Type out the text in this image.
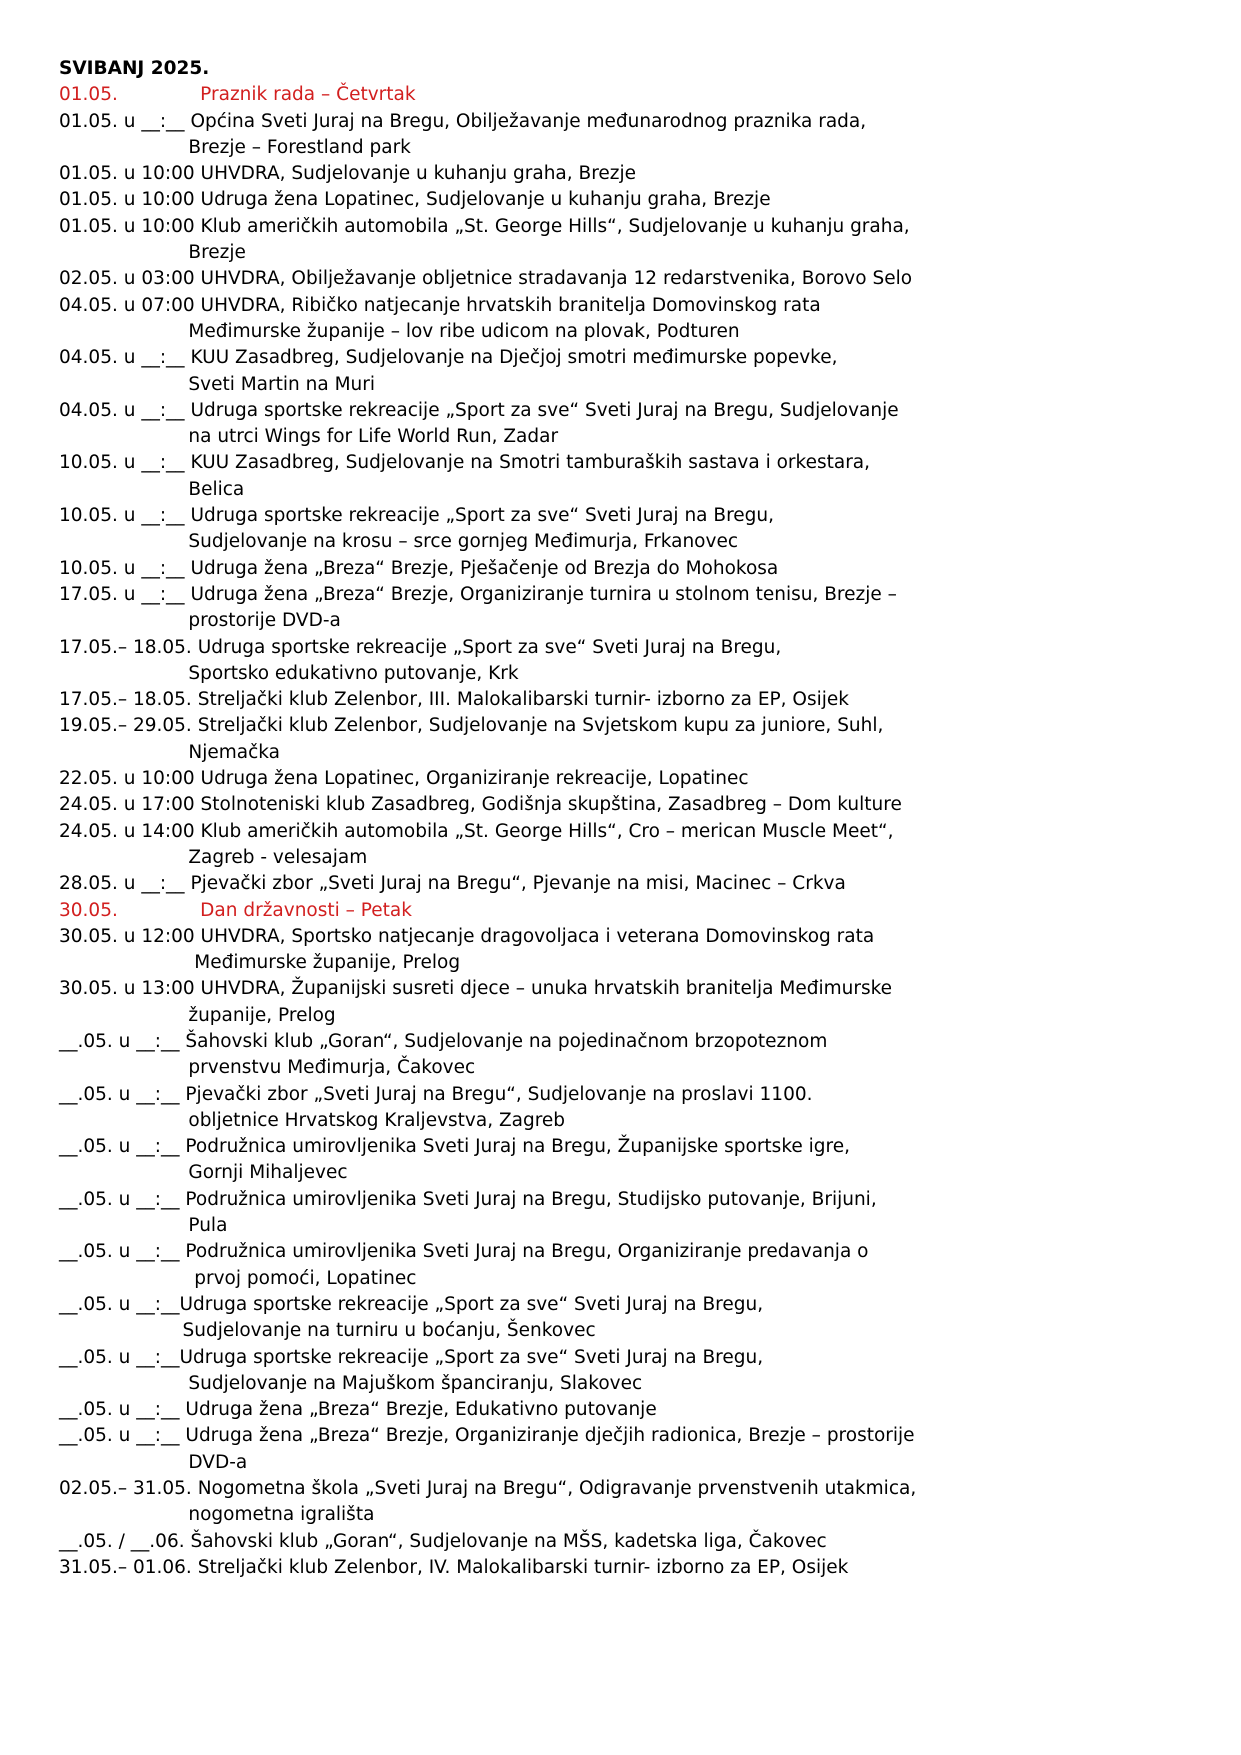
SVIBANJ 2025.
01.05.              Praznik rada – Četvrtak
01.05. u __:__ Općina Sveti Juraj na Bregu, Obilježavanje međunarodnog praznika rada,
Brezje – Forestland park
01.05. u 10:00 UHVDRA, Sudjelovanje u kuhanju graha, Brezje
01.05. u 10:00 Udruga žena Lopatinec, Sudjelovanje u kuhanju graha, Brezje
01.05. u 10:00 Klub američkih automobila „St. George Hills“, Sudjelovanje u kuhanju graha,
Brezje
02.05. u 03:00 UHVDRA, Obilježavanje obljetnice stradavanja 12 redarstvenika, Borovo Selo
04.05. u 07:00 UHVDRA, Ribičko natjecanje hrvatskih branitelja Domovinskog rata
Međimurske županije – lov ribe udicom na plovak, Podturen
04.05. u __:__ KUU Zasadbreg, Sudjelovanje na Dječjoj smotri međimurske popevke,
Sveti Martin na Muri
04.05. u __:__ Udruga sportske rekreacije „Sport za sve“ Sveti Juraj na Bregu, Sudjelovanje
na utrci Wings for Life World Run, Zadar
10.05. u __:__ KUU Zasadbreg, Sudjelovanje na Smotri tamburaških sastava i orkestara,
Belica
10.05. u __:__ Udruga sportske rekreacije „Sport za sve“ Sveti Juraj na Bregu,
Sudjelovanje na krosu – srce gornjeg Međimurja, Frkanovec
10.05. u __:__ Udruga žena „Breza“ Brezje, Pješačenje od Brezja do Mohokosa
17.05. u __:__ Udruga žena „Breza“ Brezje, Organiziranje turnira u stolnom tenisu, Brezje –
prostorije DVD-a
17.05.– 18.05. Udruga sportske rekreacije „Sport za sve“ Sveti Juraj na Bregu,
Sportsko edukativno putovanje, Krk
17.05.– 18.05. Streljački klub Zelenbor, III. Malokalibarski turnir- izborno za EP, Osijek
19.05.– 29.05. Streljački klub Zelenbor, Sudjelovanje na Svjetskom kupu za juniore, Suhl,
Njemačka
22.05. u 10:00 Udruga žena Lopatinec, Organiziranje rekreacije, Lopatinec
24.05. u 17:00 Stolnoteniski klub Zasadbreg, Godišnja skupština, Zasadbreg – Dom kulture
24.05. u 14:00 Klub američkih automobila „St. George Hills“, Cro – merican Muscle Meet“,
Zagreb - velesajam
28.05. u __:__ Pjevački zbor „Sveti Juraj na Bregu“, Pjevanje na misi, Macinec – Crkva
30.05.              Dan državnosti – Petak
30.05. u 12:00 UHVDRA, Sportsko natjecanje dragovoljaca i veterana Domovinskog rata
Međimurske županije, Prelog
30.05. u 13:00 UHVDRA, Županijski susreti djece – unuka hrvatskih branitelja Međimurske
županije, Prelog
__.05. u __:__ Šahovski klub „Goran“, Sudjelovanje na pojedinačnom brzopoteznom
prvenstvu Međimurja, Čakovec
__.05. u __:__ Pjevački zbor „Sveti Juraj na Bregu“, Sudjelovanje na proslavi 1100.
obljetnice Hrvatskog Kraljevstva, Zagreb
__.05. u __:__ Podružnica umirovljenika Sveti Juraj na Bregu, Županijske sportske igre,
Gornji Mihaljevec
__.05. u __:__ Podružnica umirovljenika Sveti Juraj na Bregu, Studijsko putovanje, Brijuni,
Pula
__.05. u __:__ Podružnica umirovljenika Sveti Juraj na Bregu, Organiziranje predavanja o
prvoj pomoći, Lopatinec
__.05. u __:__Udruga sportske rekreacije „Sport za sve“ Sveti Juraj na Bregu,
Sudjelovanje na turniru u boćanju, Šenkovec
__.05. u __:__Udruga sportske rekreacije „Sport za sve“ Sveti Juraj na Bregu,
Sudjelovanje na Majuškom španciranju, Slakovec
__.05. u __:__ Udruga žena „Breza“ Brezje, Edukativno putovanje
__.05. u __:__ Udruga žena „Breza“ Brezje, Organiziranje dječjih radionica, Brezje – prostorije
DVD-a
02.05.– 31.05. Nogometna škola „Sveti Juraj na Bregu“, Odigravanje prvenstvenih utakmica,
nogometna igrališta
__.05. / __.06. Šahovski klub „Goran“, Sudjelovanje na MŠS, kadetska liga, Čakovec
31.05.– 01.06. Streljački klub Zelenbor, IV. Malokalibarski turnir- izborno za EP, Osijek
